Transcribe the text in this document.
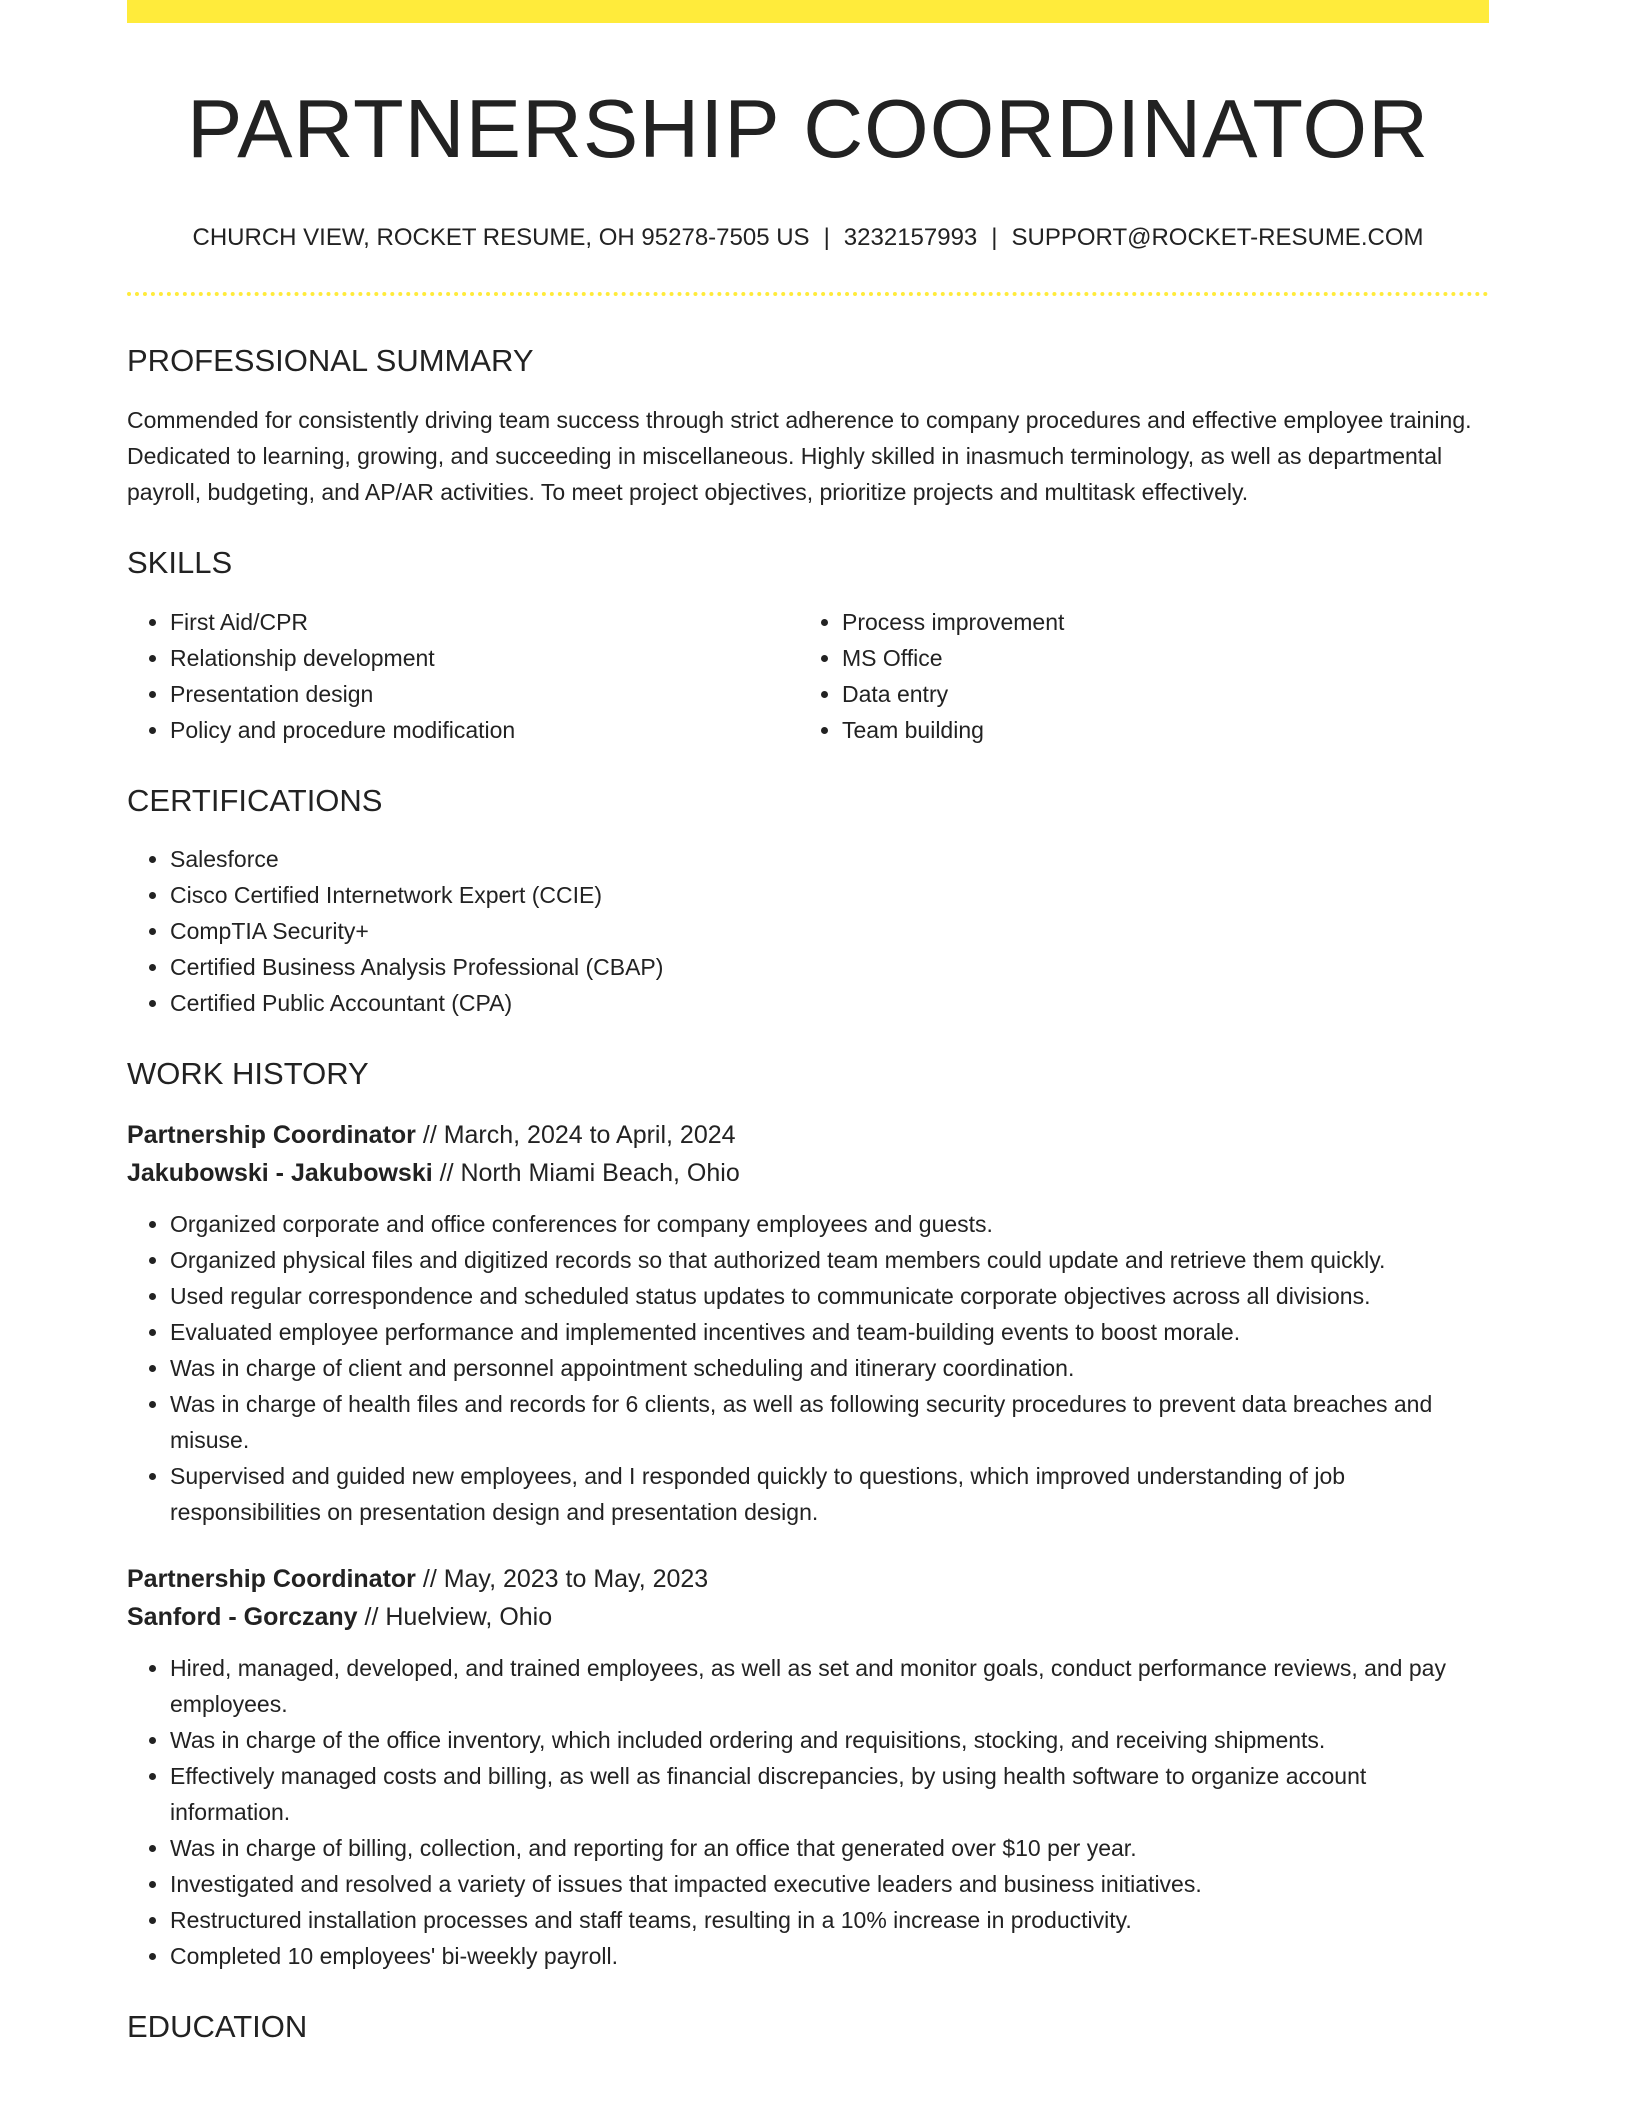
PARTNERSHIP COORDINATOR
CHURCH VIEW, ROCKET RESUME, OH 95278-7505 US | 3232157993 | SUPPORT@ROCKET-RESUME.COM
PROFESSIONAL SUMMARY
Commended for consistently driving team success through strict adherence to company procedures and effective employee training. Dedicated to learning, growing, and succeeding in miscellaneous. Highly skilled in inasmuch terminology, as well as departmental payroll, budgeting, and AP/AR activities. To meet project objectives, prioritize projects and multitask effectively.
SKILLS
• First Aid/CPR
• Relationship development
• Presentation design
• Policy and procedure modification
• Process improvement
• MS Office
• Data entry
• Team building
CERTIFICATIONS
• Salesforce
• Cisco Certified Internetwork Expert (CCIE)
• CompTIA Security+
• Certified Business Analysis Professional (CBAP)
• Certified Public Accountant (CPA)
WORK HISTORY
Partnership Coordinator // March, 2024 to April, 2024
Jakubowski - Jakubowski // North Miami Beach, Ohio
• Organized corporate and office conferences for company employees and guests.
• Organized physical files and digitized records so that authorized team members could update and retrieve them quickly.
• Used regular correspondence and scheduled status updates to communicate corporate objectives across all divisions.
• Evaluated employee performance and implemented incentives and team-building events to boost morale.
• Was in charge of client and personnel appointment scheduling and itinerary coordination.
• Was in charge of health files and records for 6 clients, as well as following security procedures to prevent data breaches and misuse.
• Supervised and guided new employees, and I responded quickly to questions, which improved understanding of job responsibilities on presentation design and presentation design.
Partnership Coordinator // May, 2023 to May, 2023
Sanford - Gorczany // Huelview, Ohio
• Hired, managed, developed, and trained employees, as well as set and monitor goals, conduct performance reviews, and pay employees.
• Was in charge of the office inventory, which included ordering and requisitions, stocking, and receiving shipments.
• Effectively managed costs and billing, as well as financial discrepancies, by using health software to organize account information.
• Was in charge of billing, collection, and reporting for an office that generated over $10 per year.
• Investigated and resolved a variety of issues that impacted executive leaders and business initiatives.
• Restructured installation processes and staff teams, resulting in a 10% increase in productivity.
• Completed 10 employees' bi-weekly payroll.
EDUCATION
